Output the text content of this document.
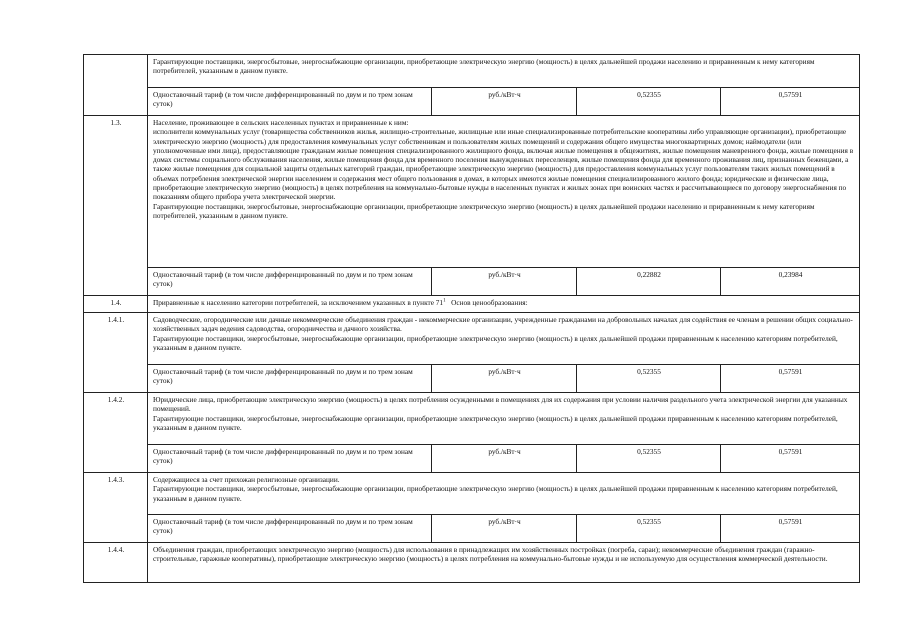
	Гарантирующие поставщики, энергосбытовые, энергоснабжающие организации, приобретающие электрическую энергию (мощность) в целях дальнейшей продажи населению и приравненным к нему категориям потребителей, указанным в данном пункте.			
	Одноставочный тариф (в том числе дифференцированный по двум и по трем зонам суток)	руб./кВт·ч	0,52355	0,57591
1.3.	Население, проживающее в сельских населенных пунктах и приравненные к ним:
исполнители коммунальных услуг (товарищества собственников жилья, жилищно-строительные, жилищные или иные специализированные потребительские кооперативы либо управляющие организации), приобретающие электрическую энергию (мощность) для предоставления коммунальных услуг собственникам и пользователям жилых помещений и содержания общего имущества многоквартирных домов; наймодатели (или уполномоченные ими лица), предоставляющие гражданам жилые помещения специализированного жилищного фонда, включая жилые помещения в общежитиях, жилые помещения маневренного фонда, жилые помещения в домах системы социального обслуживания населения, жилые помещения фонда для временного поселения вынужденных переселенцев, жилые помещения фонда для временного проживания лиц, признанных беженцами, а также жилые помещения для социальной защиты отдельных категорий граждан, приобретающие электрическую энергию (мощность) для предоставления коммунальных услуг пользователям таких жилых помещений в объемах потребления электрической энергии населением и содержания мест общего пользования в домах, в которых имеются жилые помещения специализированного жилого фонда; юридические и физические лица, приобретающие электрическую энергию (мощность) в целях потребления на коммунально-бытовые нужды в населенных пунктах и жилых зонах при воинских частях и рассчитывающиеся по договору энергоснабжения по показаниям общего прибора учета электрической энергии.
Гарантирующие поставщики, энергосбытовые, энергоснабжающие организации, приобретающие электрическую энергию (мощность) в целях дальнейшей продажи населению и приравненным к нему категориям потребителей, указанным в данном пункте.			

	Одноставочный тариф (в том числе дифференцированный по двум и по трем зонам суток)	руб./кВт·ч	0,22882	0,23984
1.4.	Приравненные к населению категории потребителей, за исключением указанных в пункте $71^1$ Основ ценообразования:			
1.4.1.	Садоводческие, огороднические или дачные некоммерческие объединения граждан - некоммерческие организации, учрежденные гражданами на добровольных началах для содействия ее членам в решении общих социально-хозяйственных задач ведения садоводства, огородничества и дачного хозяйства.
Гарантирующие поставщики, энергосбытовые, энергоснабжающие организации, приобретающие электрическую энергию (мощность) в целях дальнейшей продажи приравненным к населению категориям потребителей, указанным в данном пункте.			

	Одноставочный тариф (в том числе дифференцированный по двум и по трем зонам суток)	руб./кВт·ч	0,52355	0,57591
1.4.2.	Юридические лица, приобретающие электрическую энергию (мощность) в целях потребления осужденными в помещениях для их содержания при условии наличия раздельного учета электрической энергии для указанных помещений.
Гарантирующие поставщики, энергосбытовые, энергоснабжающие организации, приобретающие электрическую энергию (мощность) в целях дальнейшей продажи приравненным к населению категориям потребителей, указанным в данном пункте.			

	Одноставочный тариф (в том числе дифференцированный по двум и по трем зонам суток)	руб./кВт·ч	0,52355	0,57591
1.4.3.	Содержащиеся за счет прихожан религиозные организации.
Гарантирующие поставщики, энергосбытовые, энергоснабжающие организации, приобретающие электрическую энергию (мощность) в целях дальнейшей продажи приравненным к населению категориям потребителей, указанным в данном пункте.			

	Одноставочный тариф (в том числе дифференцированный по двум и по трем зонам суток)	руб./кВт·ч	0,52355	0,57591
1.4.4.	Объединения граждан, приобретающих электрическую энергию (мощность) для использования в принадлежащих им хозяйственных постройках (погреба, сараи); некоммерческие объединения граждан (гаражно-строительные, гаражные кооперативы), приобретающие электрическую энергию (мощность) в целях потребления на коммунально-бытовые нужды и не используемую для осуществления коммерческой деятельности.			
